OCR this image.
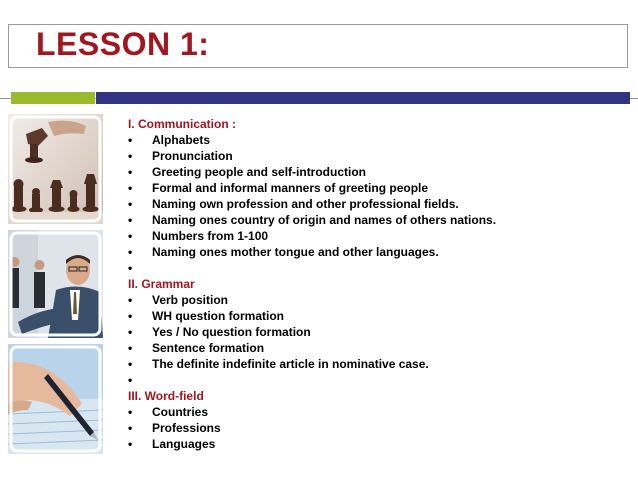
LESSON 1:
I. Communication :
•	Alphabets
•	Pronunciation
•	Greeting people and self-introduction
•	Formal and informal manners of greeting people
•	Naming own profession and other professional fields.
•	Naming ones country of origin and names of others nations.
•	Numbers from 1-100
•	Naming ones mother tongue and other languages.
•
II. Grammar
•	Verb position
•	WH question formation
•	Yes / No question formation
•	Sentence formation
•	The definite indefinite article in nominative case.
•
III. Word-field
•	Countries
•	Professions
•	Languages
